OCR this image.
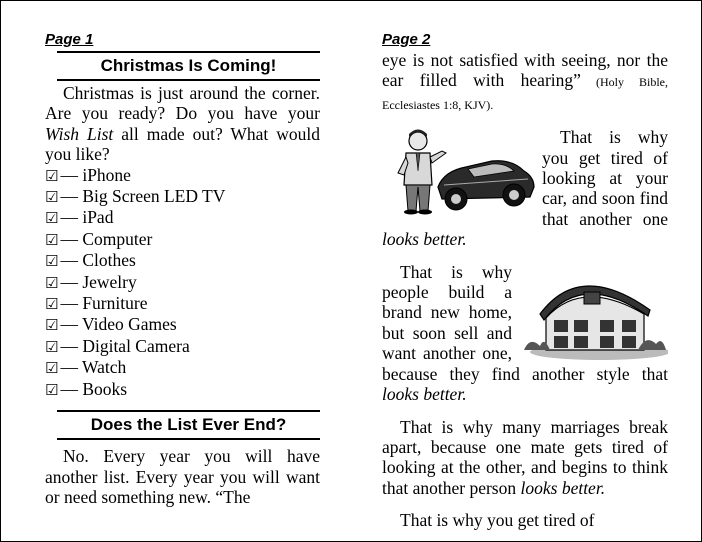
Page 1
Christmas Is Coming!

Christmas is just around the corner. Are you ready? Do you have your Wish List all made out? What would you like?

☑ — iPhone
☑ — Big Screen LED TV
☑ — iPad
☑ — Computer
☑ — Clothes
☑ — Jewelry
☑ — Furniture
☑ — Video Games
☑ — Digital Camera
☑ — Watch
☑ — Books
Does the List Ever End?

No. Every year you will have another list. Every year you will want or need something new. “The

Page 2

eye is not satisfied with seeing, nor the ear filled with hearing” (Holy Bible, Ecclesiastes 1:8, KJV).

That is why you get tired of looking at your car, and soon find that another one looks better.

That is why people build a brand new home, but soon sell and want another one, because they find another style that looks better.

That is why many marriages break apart, because one mate gets tired of looking at the other, and begins to think that another person looks better.

That is why you get tired of
